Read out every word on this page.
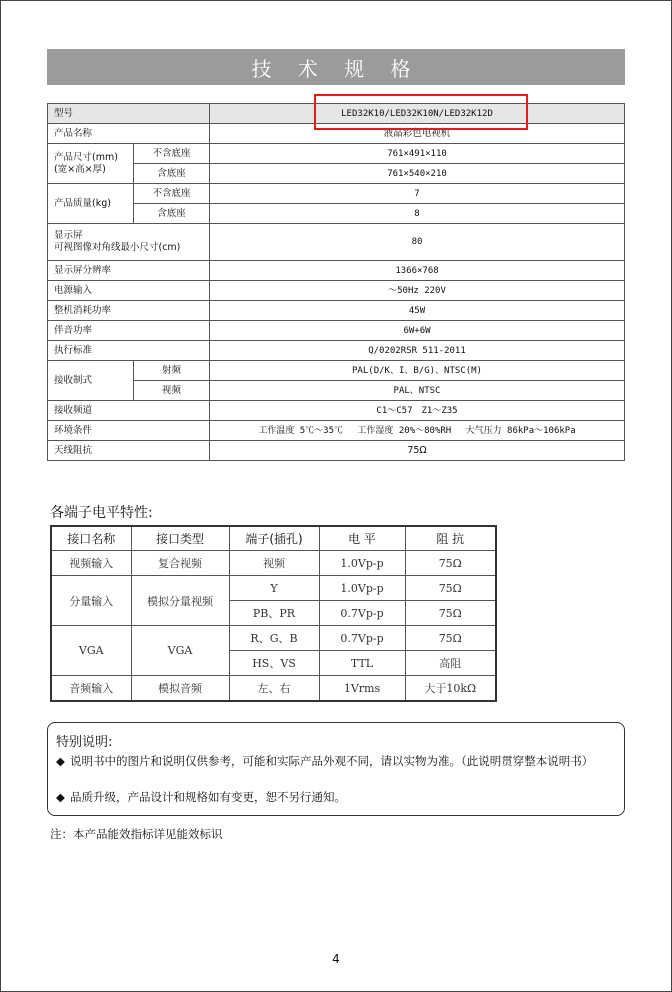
技 术 规 格
型号		LED32K10/LED32K10N/LED32K12D
产品名称		液晶彩色电视机

产品尺寸(mm)
(宽×高×厚)	不含底座	761×491×110
	含底座	761×540×210
产品质量(kg)	不含底座	7
	含底座	8

显示屏
可视图像对角线最小尺寸(cm)		80
显示屏分辨率		1366×768
电源输入		～50Hz 220V
整机消耗功率		45W
伴音功率		6W+6W
执行标准		Q/0202RSR 511-2011
接收制式	射频	PAL(D/K、I、B/G)、NTSC(M)
	视频	PAL、NTSC
接收频道		C1～C57　Z1～Z35
环境条件		工作温度 5℃～35℃　 工作湿度 20%～80%RH　 大气压力 86kPa～106kPa
天线阻抗		75Ω
各端子电平特性:
接口名称	接口类型	端子(插孔)	电 平	阻 抗
视频输入	复合视频	视频	1.0Vp-p	75Ω
分量输入	模拟分量视频	Y	1.0Vp-p	75Ω
		PB、PR	0.7Vp-p	75Ω
VGA	VGA	R、G、B	0.7Vp-p	75Ω
		HS、VS	TTL	高阻
音频输入	模拟音频	左、右	1Vrms	大于10kΩ
特别说明:
◆ 说明书中的图片和说明仅供参考，可能和实际产品外观不同，请以实物为准。（此说明贯穿整本说明书）
◆ 品质升级，产品设计和规格如有变更，恕不另行通知。
注：本产品能效指标详见能效标识
4
